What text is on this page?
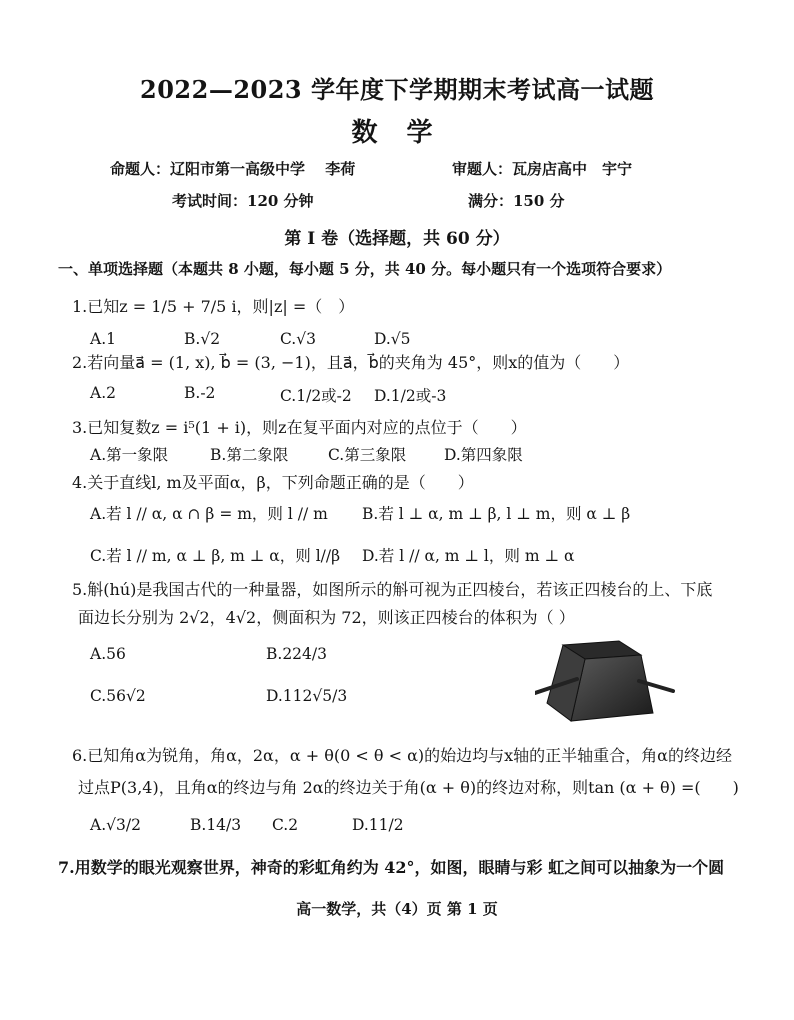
2022—2023 学年度下学期期末考试高一试题
数 学
命题人：辽阳市第一高级中学　 李荷	审题人：瓦房店高中　宇宁
考试时间：120 分钟	满分：150 分
第 Ⅰ 卷（选择题，共 60 分）
一、单项选择题（本题共 8 小题，每小题 5 分，共 40 分。每小题只有一个选项符合要求）
1.已知z = 1/5 + 7/5 i，则|z| =（　）
A.1	B.√2	C.√3	D.√5
2.若向量a⃗ = (1, x), b⃗ = (3, −1)，且a⃗，b⃗的夹角为 45°，则x的值为（　　）
A.2	B.-2	C.1/2或-2 D.1/2或-3
3.已知复数z = i⁵(1 + i)，则z在复平面内对应的点位于（　　）
A.第一象限	B.第二象限	C.第三象限 D.第四象限
4.关于直线l, m及平面α，β，下列命题正确的是（　　）
A.若 l // α, α ∩ β = m，则 l // m B.若 l ⊥ α, m ⊥ β, l ⊥ m，则 α ⊥ β
C.若 l // m, α ⊥ β, m ⊥ α，则 l//β D.若 l // α, m ⊥ l，则 m ⊥ α
5.斛(hú)是我国古代的一种量器，如图所示的斛可视为正四棱台，若该正四棱台的上、下底
面边长分别为 2√2，4√2，侧面积为 72，则该正四棱台的体积为（ ）
A.56	B.224/3
C.56√2	D.112√5/3
6.已知角α为锐角，角α，2α，α + θ(0 < θ < α)的始边均与x轴的正半轴重合，角α的终边经
过点P(3,4)，且角α的终边与角 2α的终边关于角(α + θ)的终边对称，则tan (α + θ) =(　　)
A.√3/2	B.14/3 C.2	D.11/2
7.用数学的眼光观察世界，神奇的彩虹角约为 42°，如图，眼睛与彩 虹之间可以抽象为一个圆
高一数学，共（4）页 第 1 页
